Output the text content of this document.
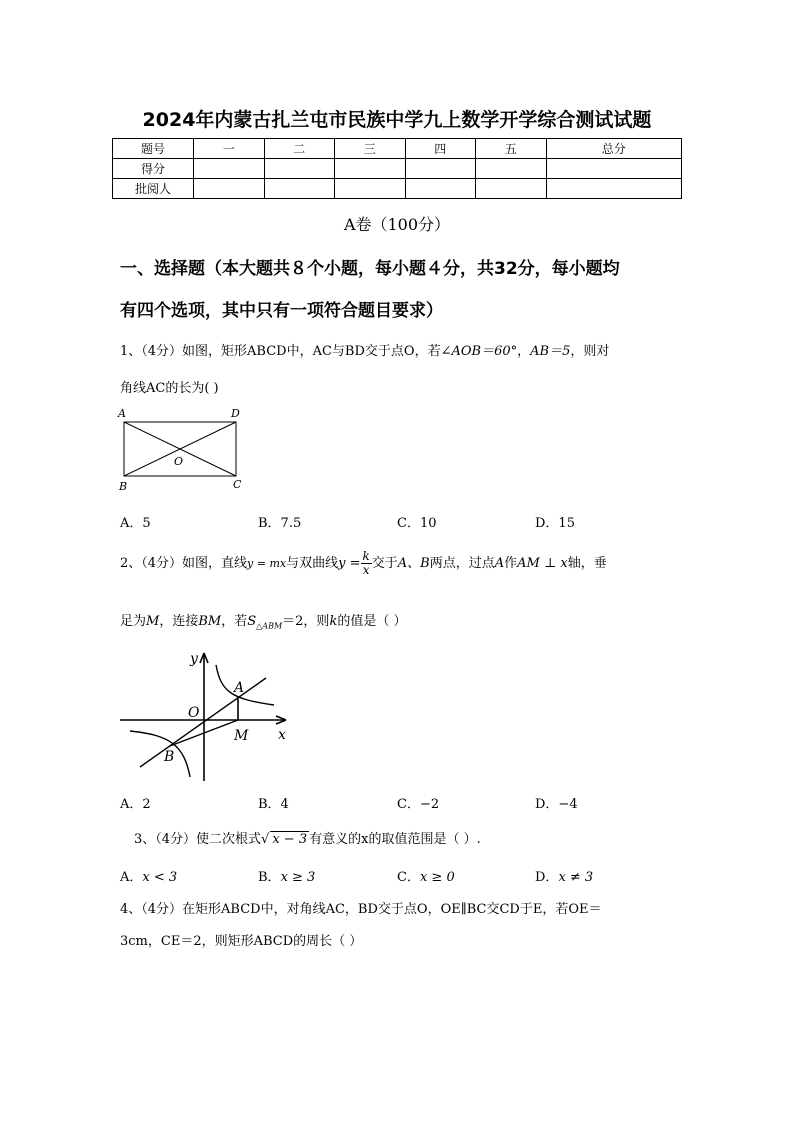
2024年内蒙古扎兰屯市民族中学九上数学开学综合测试试题
题号	一	二	三	四	五	总分
得分						
批阅人						
A卷（100分）
一、选择题（本大题共８个小题，每小题４分，共32分，每小题均
有四个选项，其中只有一项符合题目要求）
1、（4分）如图，矩形ABCD中，AC与BD交于点O，若∠AOB＝60°，AB＝5，则对
角线AC的长为( )
A	D
B	C
O
A．5	B．7.5	C．10	D．15
2、（4分）如图，直线y = mx与双曲线$y = \frac{k}{x}$ 交于A、B两点，过点A作AM ⊥ x轴，垂
足为M，连接BM，若$S_{\triangle ABM}=2$，则k的值是（ ）
y
x
O
A
B
M
A．2	B．4	C．−2	D．−4
3、（4分）使二次根式√ x − 3 有意义的x的取值范围是（ ）.
A．x < 3	B．x ≥ 3	C．x ≥ 0	D．x ≠ 3
4、（4分）在矩形ABCD中，对角线AC，BD交于点O，OE∥BC交CD于E，若OE＝
3cm，CE＝2，则矩形ABCD的周长（ ）
